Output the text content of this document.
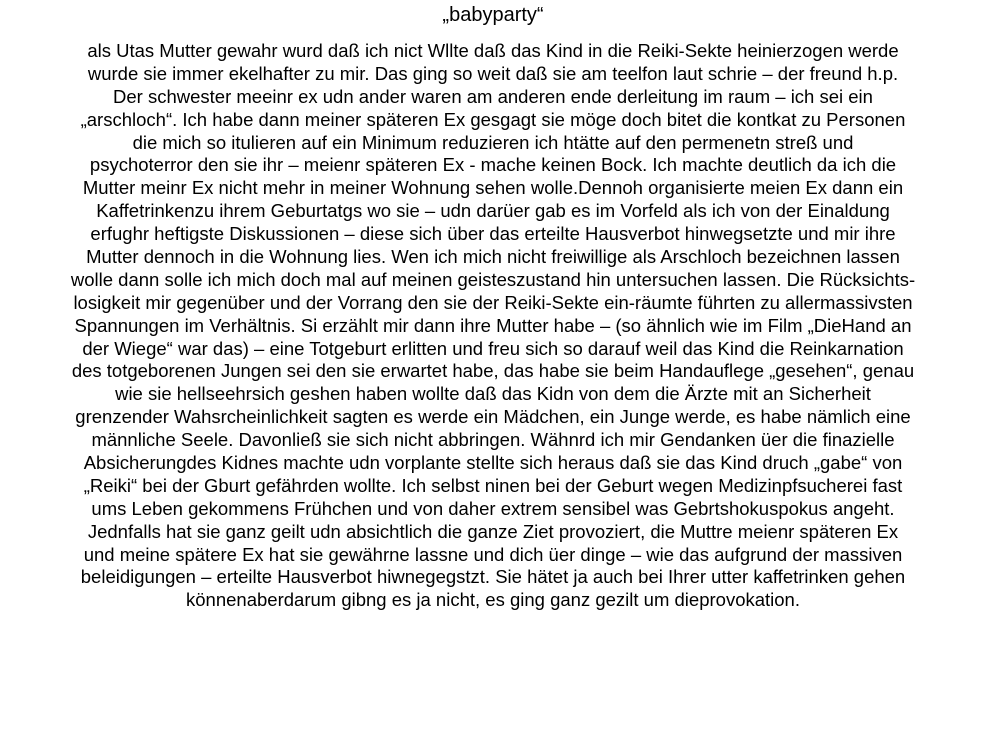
„babyparty“
als Utas Mutter gewahr wurd daß ich nict Wllte daß das Kind in die Reiki-Sekte heinierzogen werde
wurde sie immer ekelhafter zu mir. Das ging so weit daß sie am teelfon laut schrie – der freund h.p.
Der schwester meeinr ex udn ander waren am anderen ende derleitung im raum – ich sei ein
„arschloch“. Ich habe dann meiner späteren Ex gesgagt sie möge doch bitet die kontkat zu Personen
die mich so itulieren auf ein Minimum reduzieren ich htätte auf den permenetn streß und
psychoterror den sie ihr – meienr späteren Ex - mache keinen Bock. Ich machte deutlich da ich die
Mutter meinr Ex nicht mehr in meiner Wohnung sehen wolle.Dennoh organisierte meien Ex dann ein
Kaffetrinkenzu ihrem Geburtatgs wo sie – udn darüer gab es im Vorfeld als ich von der Einaldung
erfughr heftigste Diskussionen – diese sich über das erteilte Hausverbot hinwegsetzte und mir ihre
Mutter dennoch in die Wohnung lies. Wen ich mich nicht freiwillige als Arschloch bezeichnen lassen
wolle dann solle ich mich doch mal auf meinen geisteszustand hin untersuchen lassen. Die Rücksichts-
losigkeit mir gegenüber und der Vorrang den sie der Reiki-Sekte ein-räumte führten zu allermassivsten
Spannungen im Verhältnis. Si erzählt mir dann ihre Mutter habe – (so ähnlich wie im Film „DieHand an
der Wiege“ war das) – eine Totgeburt erlitten und freu sich so darauf weil das Kind die Reinkarnation
des totgeborenen Jungen sei den sie erwartet habe, das habe sie beim Handauflege „gesehen“, genau
wie sie hellseehrsich geshen haben wollte daß das Kidn von dem die Ärzte mit an Sicherheit
grenzender Wahsrcheinlichkeit sagten es werde ein Mädchen, ein Junge werde, es habe nämlich eine
männliche Seele. Davonließ sie sich nicht abbringen. Wähnrd ich mir Gendanken üer die finazielle
Absicherungdes Kidnes machte udn vorplante stellte sich heraus daß sie das Kind druch „gabe“ von
„Reiki“ bei der Gburt gefährden wollte. Ich selbst ninen bei der Geburt wegen Medizinpfsucherei fast
ums Leben gekommens Frühchen und von daher extrem sensibel was Gebrtshokuspokus angeht.
Jednfalls hat sie ganz geilt udn absichtlich die ganze Ziet provoziert, die Muttre meienr späteren Ex
und meine spätere Ex hat sie gewährne lassne und dich üer dinge – wie das aufgrund der massiven
beleidigungen – erteilte Hausverbot hiwnegegstzt. Sie hätet ja auch bei Ihrer utter kaffetrinken gehen
könnenaberdarum gibng es ja nicht, es ging ganz gezilt um dieprovokation.
